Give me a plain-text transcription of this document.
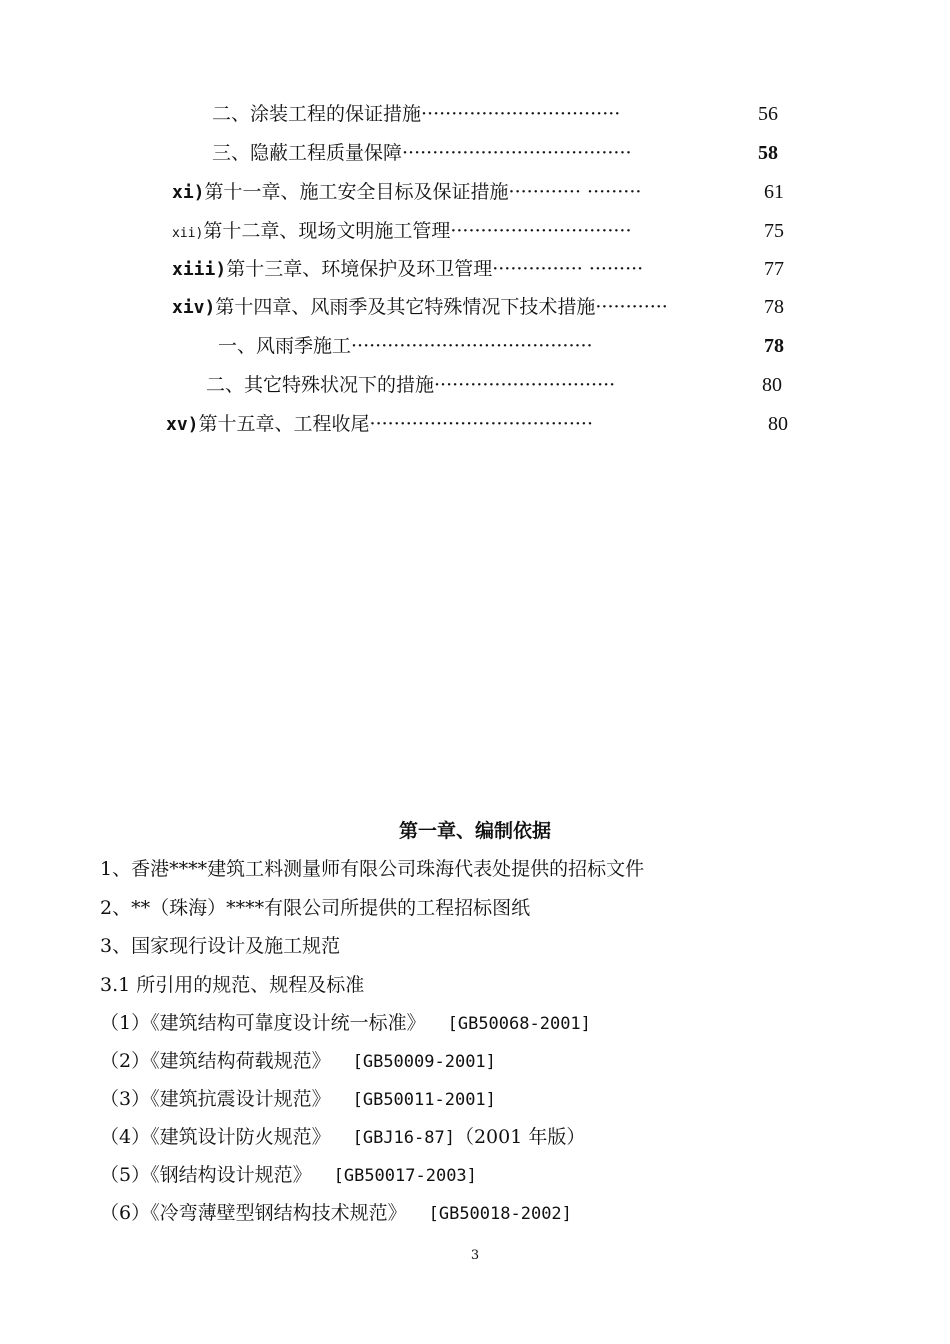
二、涂装工程的保证措施·································	56
三、隐蔽工程质量保障······································	58
xi)第十一章、施工安全目标及保证措施············ ·········	61
xii)第十二章、现场文明施工管理······························	75
xiii)第十三章、环境保护及环卫管理··············· ·········	77
xiv)第十四章、风雨季及其它特殊情况下技术措施············	78
一、风雨季施工········································	78
二、其它特殊状况下的措施······························	80
xv)第十五章、工程收尾·····································	80
第一章、编制依据
1、香港****建筑工料测量师有限公司珠海代表处提供的招标文件
2、**（珠海）****有限公司所提供的工程招标图纸
3、国家现行设计及施工规范
3.1 所引用的规范、规程及标准
（1）《建筑结构可靠度设计统一标准》 [GB50068-2001]
（2）《建筑结构荷载规范》 [GB50009-2001]
（3）《建筑抗震设计规范》 [GB50011-2001]
（4）《建筑设计防火规范》 [GBJ16-87]（2001 年版）
（5）《钢结构设计规范》 [GB50017-2003]
（6）《冷弯薄壁型钢结构技术规范》 [GB50018-2002]
3
